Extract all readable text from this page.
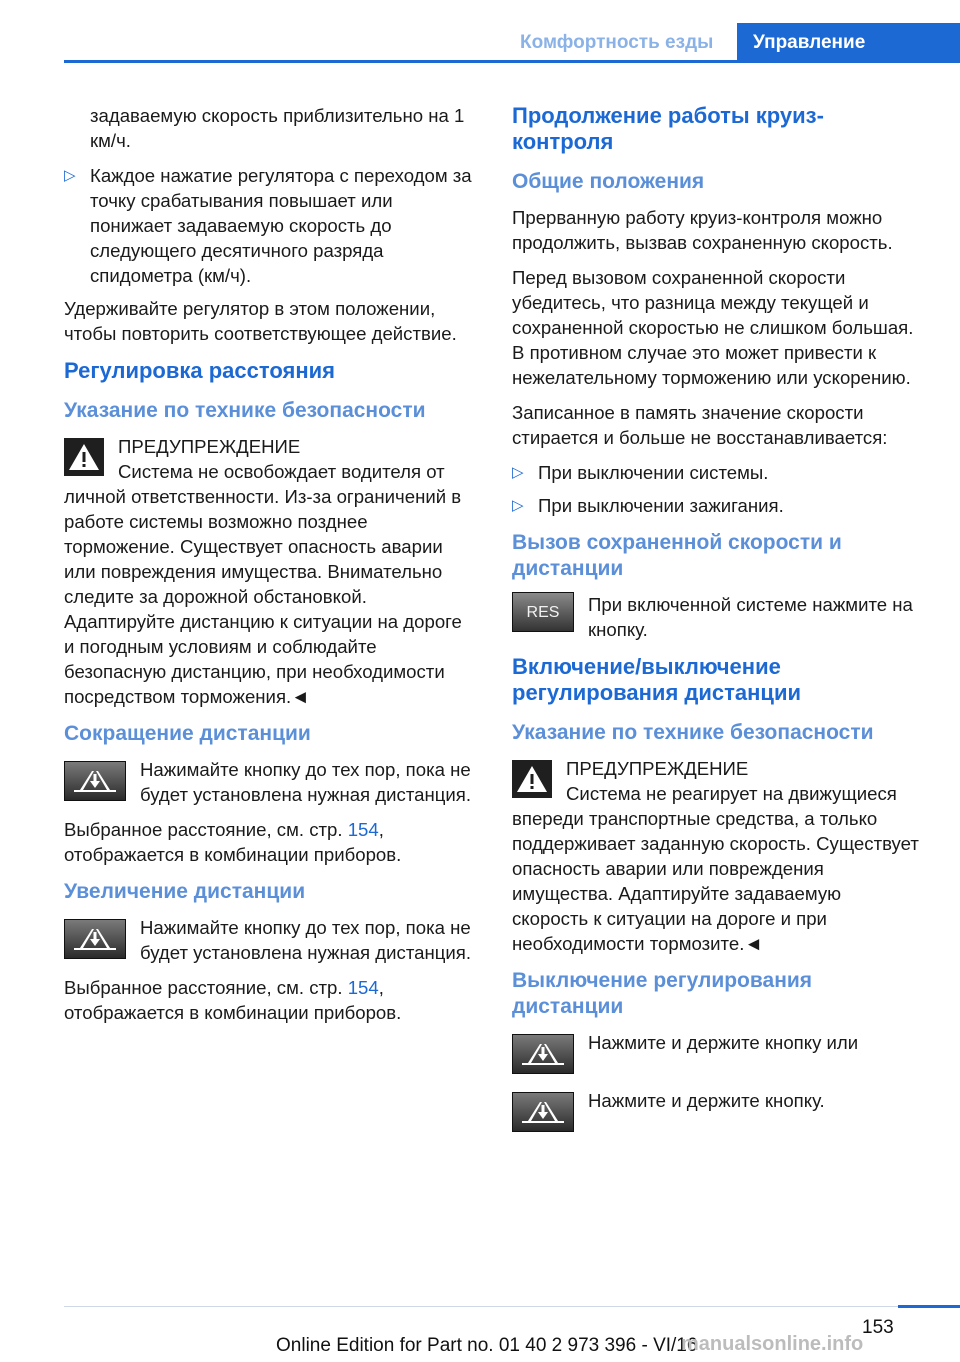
Комфортность езды	Управление
задаваемую скорость приблизительно на 1 км/ч.
▷ Каждое нажатие регулятора с переходом за точку срабатывания повышает или понижает задаваемую скорость до следующего десятичного разряда спидометра (км/ч).
Удерживайте регулятор в этом положении, чтобы повторить соответствующее действие.
Регулировка расстояния
Указание по технике безопасности
ПРЕДУПРЕЖДЕНИЕ
Система не освобождает водителя от личной ответственности. Из-за ограничений в работе системы возможно позднее торможение. Существует опасность аварии или повреждения имущества. Внимательно следите за дорожной обстановкой. Адаптируйте дистанцию к ситуации на дороге и погодным условиям и соблюдайте безопасную дистанцию, при необходимости посредством торможения.◄
Сокращение дистанции
Нажимайте кнопку до тех пор, пока не будет установлена нужная дистанция.
Выбранное расстояние, см. стр. 154, отображается в комбинации приборов.
Увеличение дистанции
Нажимайте кнопку до тех пор, пока не будет установлена нужная дистанция.
Выбранное расстояние, см. стр. 154, отображается в комбинации приборов.
Продолжение работы круиз-контроля
Общие положения
Прерванную работу круиз-контроля можно продолжить, вызвав сохраненную скорость.
Перед вызовом сохраненной скорости убедитесь, что разница между текущей и сохраненной скоростью не слишком большая. В противном случае это может привести к нежелательному торможению или ускорению.
Записанное в память значение скорости стирается и больше не восстанавливается:
▷ При выключении системы.
▷ При выключении зажигания.
Вызов сохраненной скорости и дистанции
RES	При включенной системе нажмите на кнопку.
Включение/выключение регулирования дистанции
Указание по технике безопасности
ПРЕДУПРЕЖДЕНИЕ
Система не реагирует на движущиеся впереди транспортные средства, а только поддерживает заданную скорость. Существует опасность аварии или повреждения имущества. Адаптируйте задаваемую скорость к ситуации на дороге и при необходимости тормозите.◄
Выключение регулирования дистанции
Нажмите и держите кнопку или
Нажмите и держите кнопку.
153
Online Edition for Part no. 01 40 2 973 396 - VI/16
manualsonline.info
